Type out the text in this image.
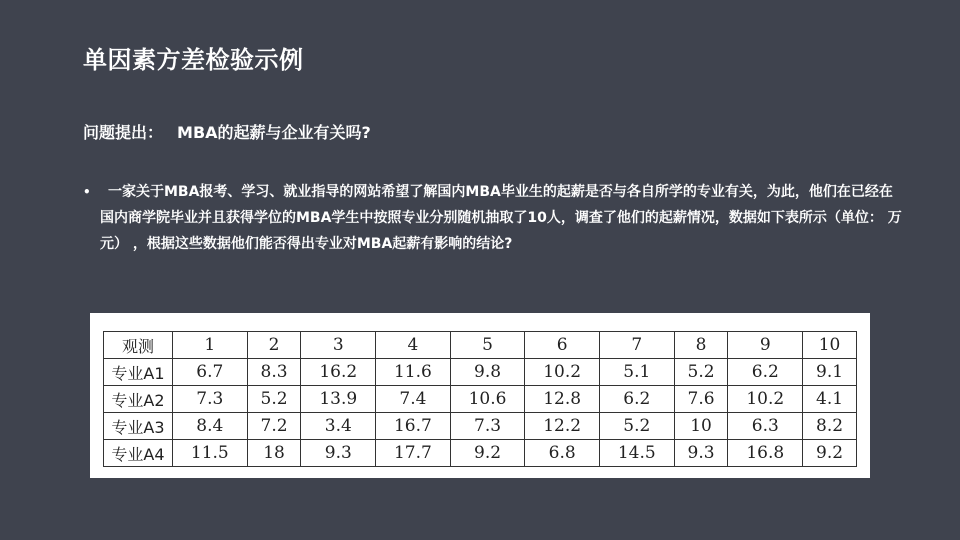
单因素方差检验示例
问题提出： MBA的起薪与企业有关吗?
•	一家关于MBA报考、学习、就业指导的网站希望了解国内MBA毕业生的起薪是否与各自所学的专业有关，为此，他们在已经在国内商学院毕业并且获得学位的MBA学生中按照专业分别随机抽取了10人，调查了他们的起薪情况，数据如下表所示（单位： 万元） ，根据这些数据他们能否得出专业对MBA起薪有影响的结论?
观测	1	2	3	4	5	6	7	8	9	10
专业A1	6.7	8.3	16.2	11.6	9.8	10.2	5.1	5.2	6.2	9.1
专业A2	7.3	5.2	13.9	7.4	10.6	12.8	6.2	7.6	10.2	4.1
专业A3	8.4	7.2	3.4	16.7	7.3	12.2	5.2	10	6.3	8.2
专业A4	11.5	18	9.3	17.7	9.2	6.8	14.5	9.3	16.8	9.2
